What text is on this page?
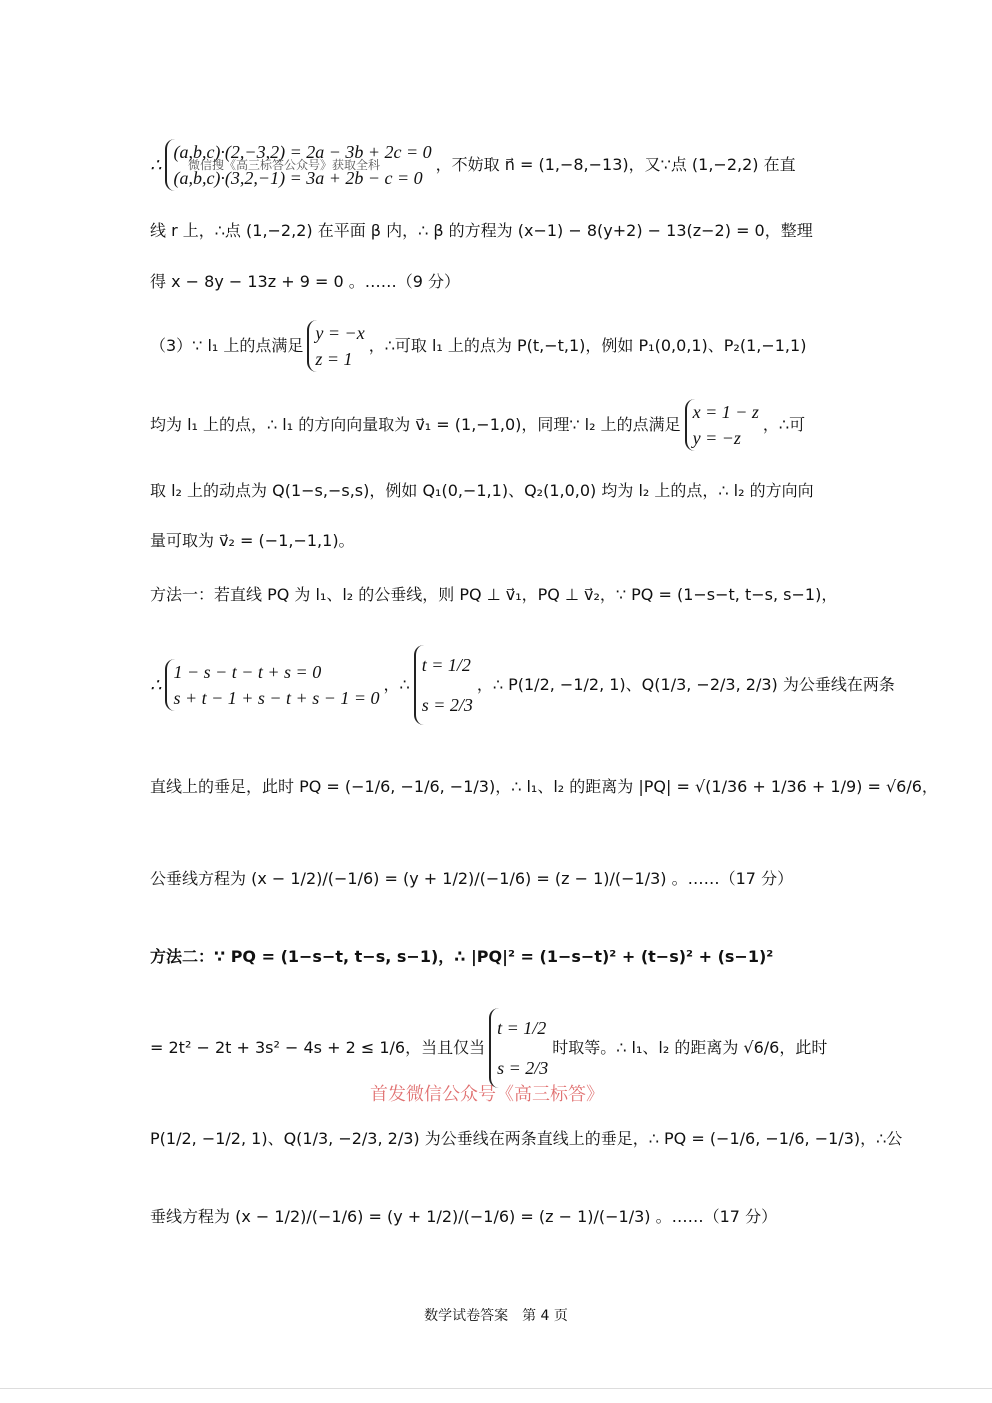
微信搜《高三标答公众号》获取全科
∴
(a,b,c)·(2,−3,2) = 2a − 3b + 2c = 0
(a,b,c)·(3,2,−1) = 3a + 2b − c = 0
，不妨取 n⃗ = (1,−8,−13)，又∵点 (1,−2,2) 在直
线 r 上，∴点 (1,−2,2) 在平面 β 内，∴ β 的方程为 (x−1) − 8(y+2) − 13(z−2) = 0，整理
得 x − 8y − 13z + 9 = 0 。……（9 分）
（3）∵ l₁ 上的点满足
y = −x
z = 1
，∴可取 l₁ 上的点为 P(t,−t,1)，例如 P₁(0,0,1)、P₂(1,−1,1)
均为 l₁ 上的点，∴ l₁ 的方向向量取为 v⃗₁ = (1,−1,0)，同理∵ l₂ 上的点满足
x = 1 − z
y = −z
，∴可
取 l₂ 上的动点为 Q(1−s,−s,s)，例如 Q₁(0,−1,1)、Q₂(1,0,0) 均为 l₂ 上的点，∴ l₂ 的方向向
量可取为 v⃗₂ = (−1,−1,1)。
方法一：若直线 PQ 为 l₁、l₂ 的公垂线，则 PQ ⊥ v⃗₁，PQ ⊥ v⃗₂，∵ PQ = (1−s−t, t−s, s−1)，
∴
1 − s − t − t + s = 0
s + t − 1 + s − t + s − 1 = 0
，∴
t = 1/2
s = 2/3
，∴ P(1/2, −1/2, 1)、Q(1/3, −2/3, 2/3) 为公垂线在两条
直线上的垂足，此时 PQ = (−1/6, −1/6, −1/3)，∴ l₁、l₂ 的距离为 |PQ| = √(1/36 + 1/36 + 1/9) = √6/6，
公垂线方程为 (x − 1/2)/(−1/6) = (y + 1/2)/(−1/6) = (z − 1)/(−1/3) 。……（17 分）
方法二：∵ PQ = (1−s−t, t−s, s−1)，∴ |PQ|² = (1−s−t)² + (t−s)² + (s−1)²
= 2t² − 2t + 3s² − 4s + 2 ≤ 1/6，当且仅当
t = 1/2
s = 2/3
时取等。∴ l₁、l₂ 的距离为 √6/6，此时
首发微信公众号《高三标答》
P(1/2, −1/2, 1)、Q(1/3, −2/3, 2/3) 为公垂线在两条直线上的垂足，∴ PQ = (−1/6, −1/6, −1/3)，∴公
垂线方程为 (x − 1/2)/(−1/6) = (y + 1/2)/(−1/6) = (z − 1)/(−1/3) 。……（17 分）
数学试卷答案　第 4 页
